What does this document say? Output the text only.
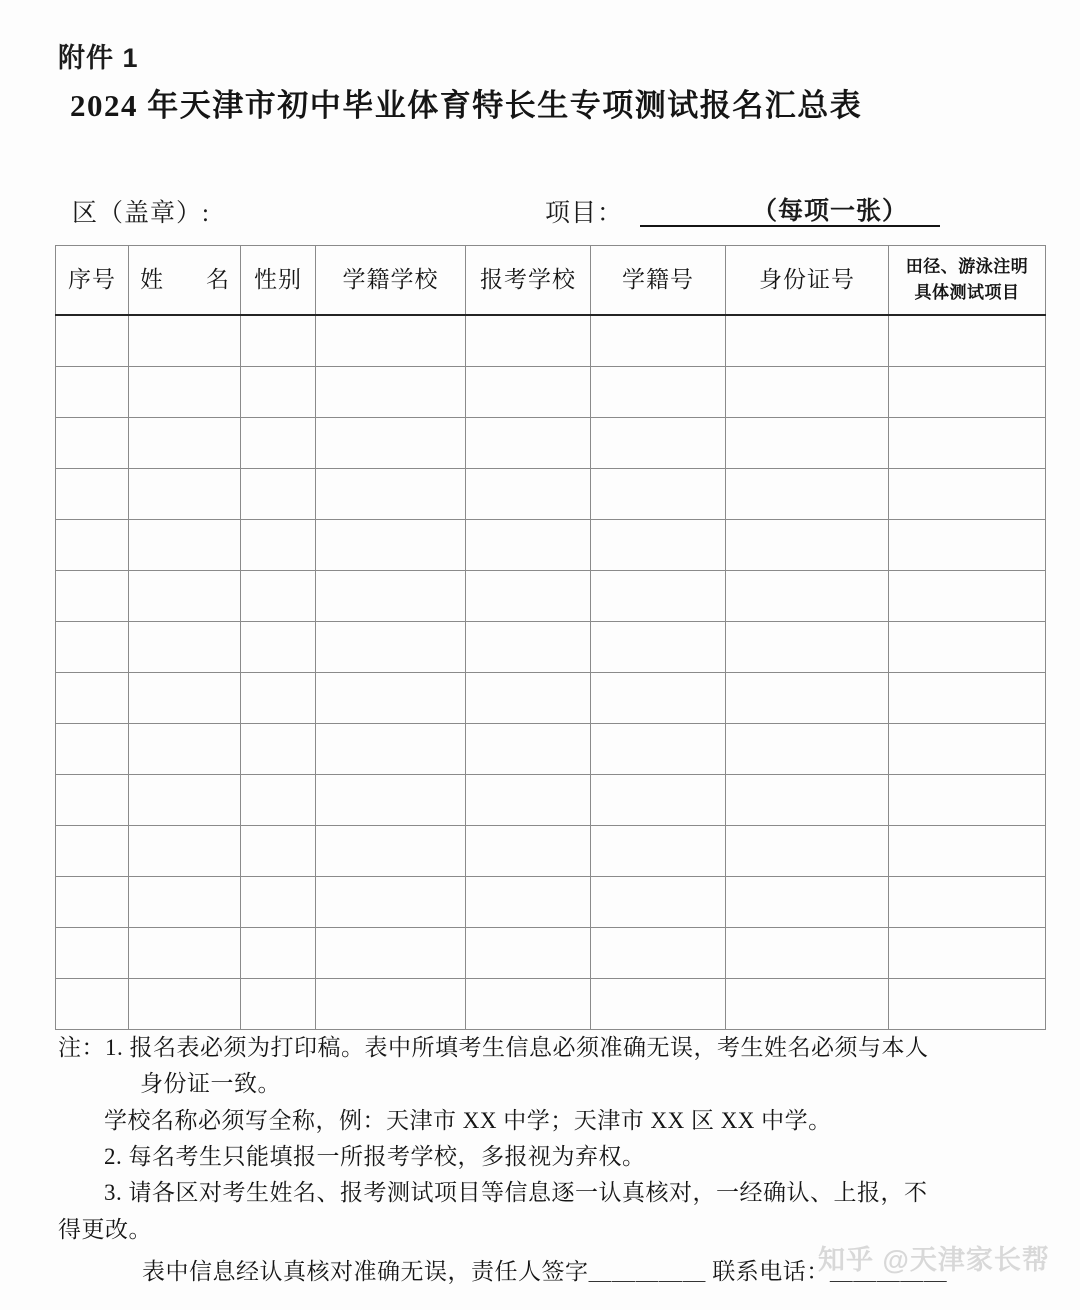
附件 1
2024 年天津市初中毕业体育特长生专项测试报名汇总表
区（盖章）:	项目：	（每项一张）
序号	姓　名	性别	学籍学校	报考学校	学籍号	身份证号	田径、游泳注明
具体测试项目

注：1. 报名表必须为打印稿。表中所填考生信息必须准确无误，考生姓名必须与本人
身份证一致。
学校名称必须写全称，例：天津市 XX 中学；天津市 XX 区 XX 中学。
2. 每名考生只能填报一所报考学校，多报视为弃权。
3. 请各区对考生姓名、报考测试项目等信息逐一认真核对，一经确认、上报，不
得更改。
表中信息经认真核对准确无误，责任人签字＿＿＿＿＿ 联系电话：＿＿＿＿＿
知乎 @天津家长帮
